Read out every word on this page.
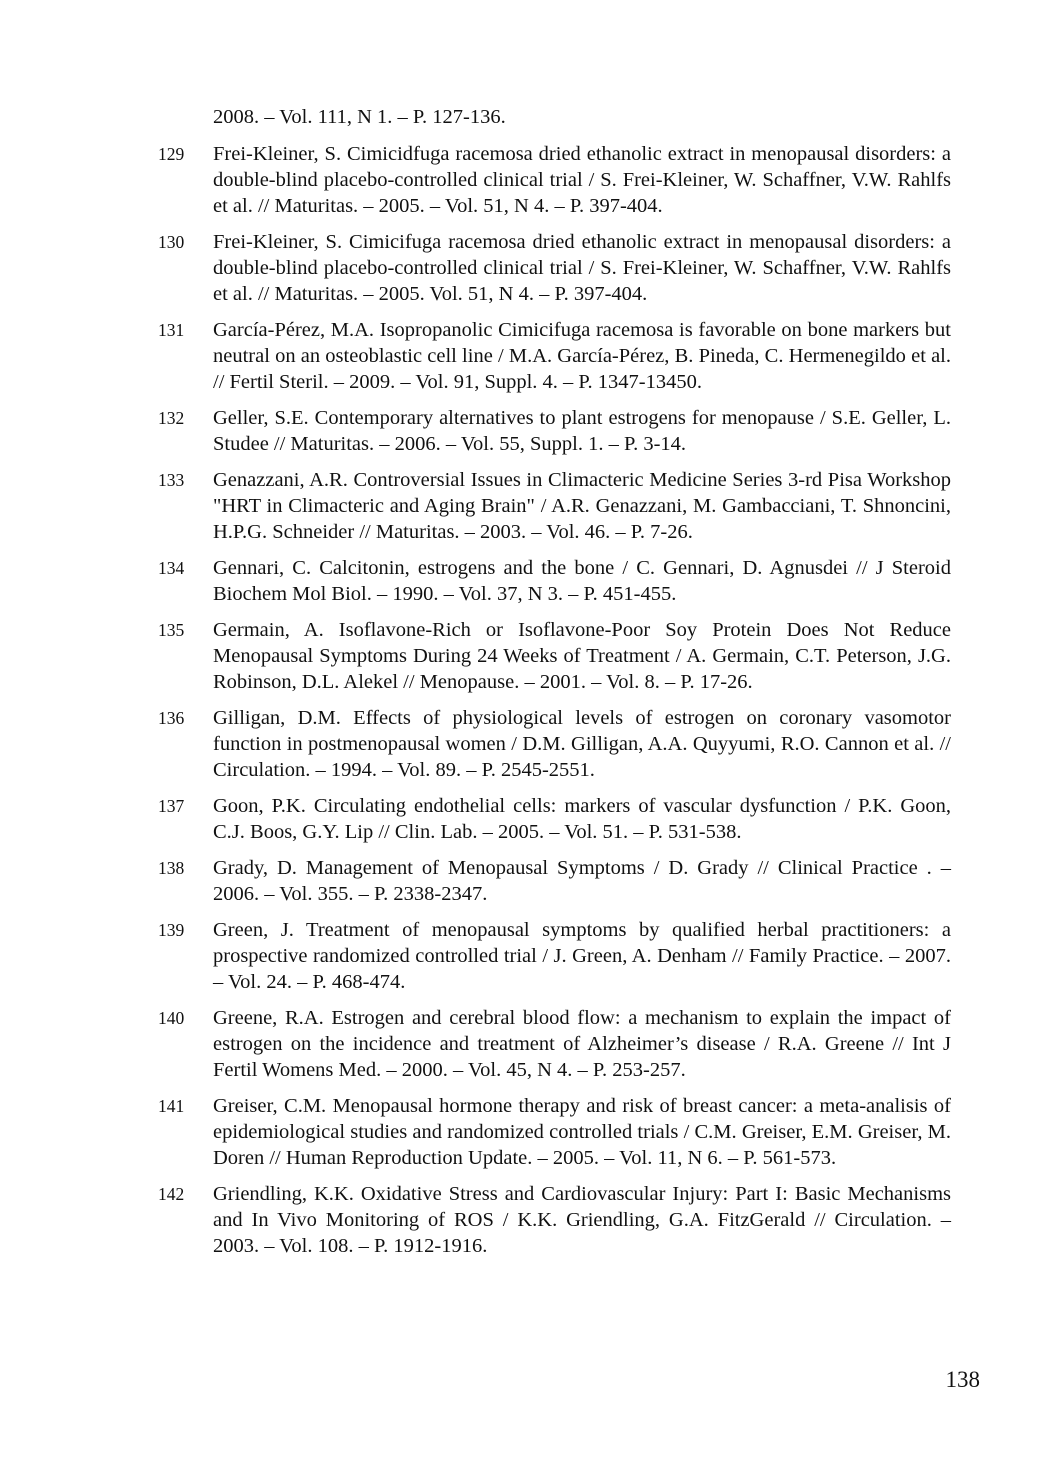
2008. – Vol. 111, N 1. – P. 127-136.
129	Frei-Kleiner, S. Cimicidfuga racemosa dried ethanolic extract in menopausal disorders: a double-blind placebo-controlled clinical trial / S. Frei-Kleiner, W. Schaffner, V.W. Rahlfs et al. // Maturitas. – 2005. – Vol. 51, N 4. – P. 397-404.
130	Frei-Kleiner, S. Cimicifuga racemosa dried ethanolic extract in menopausal disorders: a double-blind placebo-controlled clinical trial / S. Frei-Kleiner, W. Schaffner, V.W. Rahlfs et al. // Maturitas. – 2005. Vol. 51, N 4. – P. 397-404.
131	García-Pérez, M.A. Isopropanolic Cimicifuga racemosa is favorable on bone markers but neutral on an osteoblastic cell line / M.A. García-Pérez, B. Pineda, C. Hermenegildo et al. // Fertil Steril. – 2009. – Vol. 91, Suppl. 4. – P. 1347-13450.
132	Geller, S.E. Contemporary alternatives to plant estrogens for menopause / S.E. Geller, L. Studee // Maturitas. – 2006. – Vol. 55, Suppl. 1. – P. 3-14.
133	Genazzani, A.R. Controversial Issues in Climacteric Medicine Series 3-rd Pisa Workshop "HRT in Climacteric and Aging Brain" / A.R. Genazzani, M. Gambacciani, T. Shnoncini, H.P.G. Schneider // Maturitas. – 2003. – Vol. 46. – P. 7-26.
134	Gennari, C. Calcitonin, estrogens and the bone / C. Gennari, D. Agnusdei // J Steroid Biochem Mol Biol. – 1990. – Vol. 37, N 3. – P. 451-455.
135	Germain, A. Isoflavone-Rich or Isoflavone-Poor Soy Protein Does Not Reduce Menopausal Symptoms During 24 Weeks of Treatment / A. Germain, C.T. Peterson, J.G. Robinson, D.L. Alekel // Menopause. – 2001. – Vol. 8. – P. 17-26.
136	Gilligan, D.M. Effects of physiological levels of estrogen on coronary vasomotor function in postmenopausal women / D.M. Gilligan, A.A. Quyyumi, R.O. Cannon et al. // Circulation. – 1994. – Vol. 89. – P. 2545-2551.
137	Goon, P.K. Circulating endothelial cells: markers of vascular dysfunction / P.K. Goon, C.J. Boos, G.Y. Lip // Clin. Lab. – 2005. – Vol. 51. – P. 531-538.
138	Grady, D. Management of Menopausal Symptoms / D. Grady // Clinical Practice . – 2006. – Vol. 355. – P. 2338-2347.
139	Green, J. Treatment of menopausal symptoms by qualified herbal practitioners: a prospective randomized controlled trial / J. Green, A. Denham // Family Practice. – 2007. – Vol. 24. – P. 468-474.
140	Greene, R.A. Estrogen and cerebral blood flow: a mechanism to explain the impact of estrogen on the incidence and treatment of Alzheimer’s disease / R.A. Greene // Int J Fertil Womens Med. – 2000. – Vol. 45, N 4. – P. 253-257.
141	Greiser, C.M. Menopausal hormone therapy and risk of breast cancer: a meta-analisis of epidemiological studies and randomized controlled trials / C.M. Greiser, E.M. Greiser, M. Doren // Human Reproduction Update. – 2005. – Vol. 11, N 6. – P. 561-573.
142	Griendling, K.K. Oxidative Stress and Cardiovascular Injury: Part I: Basic Mechanisms and In Vivo Monitoring of ROS / K.K. Griendling, G.A. FitzGerald // Circulation. – 2003. – Vol. 108. – P. 1912-1916.
138
